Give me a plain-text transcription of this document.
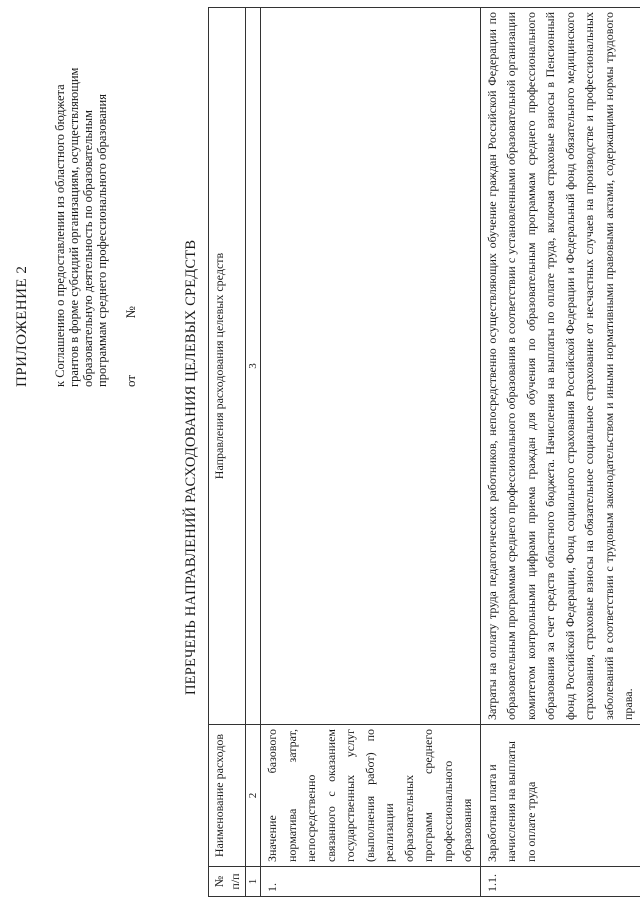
ПРИЛОЖЕНИЕ 2 к Соглашению о предоставлении из областного бюджета грантов в форме субсидий организациям, осуществляющим образовательную деятельность по образовательным программам среднего профессионального образования от  №	ПЕРЕЧЕНЬ НАПРАВЛЕНИЙ РАСХОДОВАНИЯ ЦЕЛЕВЫХ СРЕДСТВ
№ п/п	Наименование расходов	Направления расходования целевых средств
1	2	3
1.	Значение базового норматива затрат, непосредственно связанного с оказанием государственных услуг (выполнения работ) по реализации образовательных программ среднего профессионального образования	
1.1.	Заработная плата и начисления на выплаты по оплате труда	Затраты на оплату труда педагогических работников, непосредственно осуществляющих обучение граждан Российской Федерации по образовательным программам среднего профессионального образования в соответствии с установленными образовательной организации комитетом контрольными цифрами приема граждан для обучения по образовательным программам среднего профессионального образования за счет средств областного бюджета. Начисления на выплаты по оплате труда, включая страховые взносы в Пенсионный фонд Российской Федерации, Фонд социального страхования Российской Федерации и Федеральный фонд обязательного медицинского страхования, страховые взносы на обязательное социальное страхование от несчастных случаев на производстве и профессиональных заболеваний в соответствии с трудовым законодательством и иными нормативными правовыми актами, содержащими нормы трудового права.
